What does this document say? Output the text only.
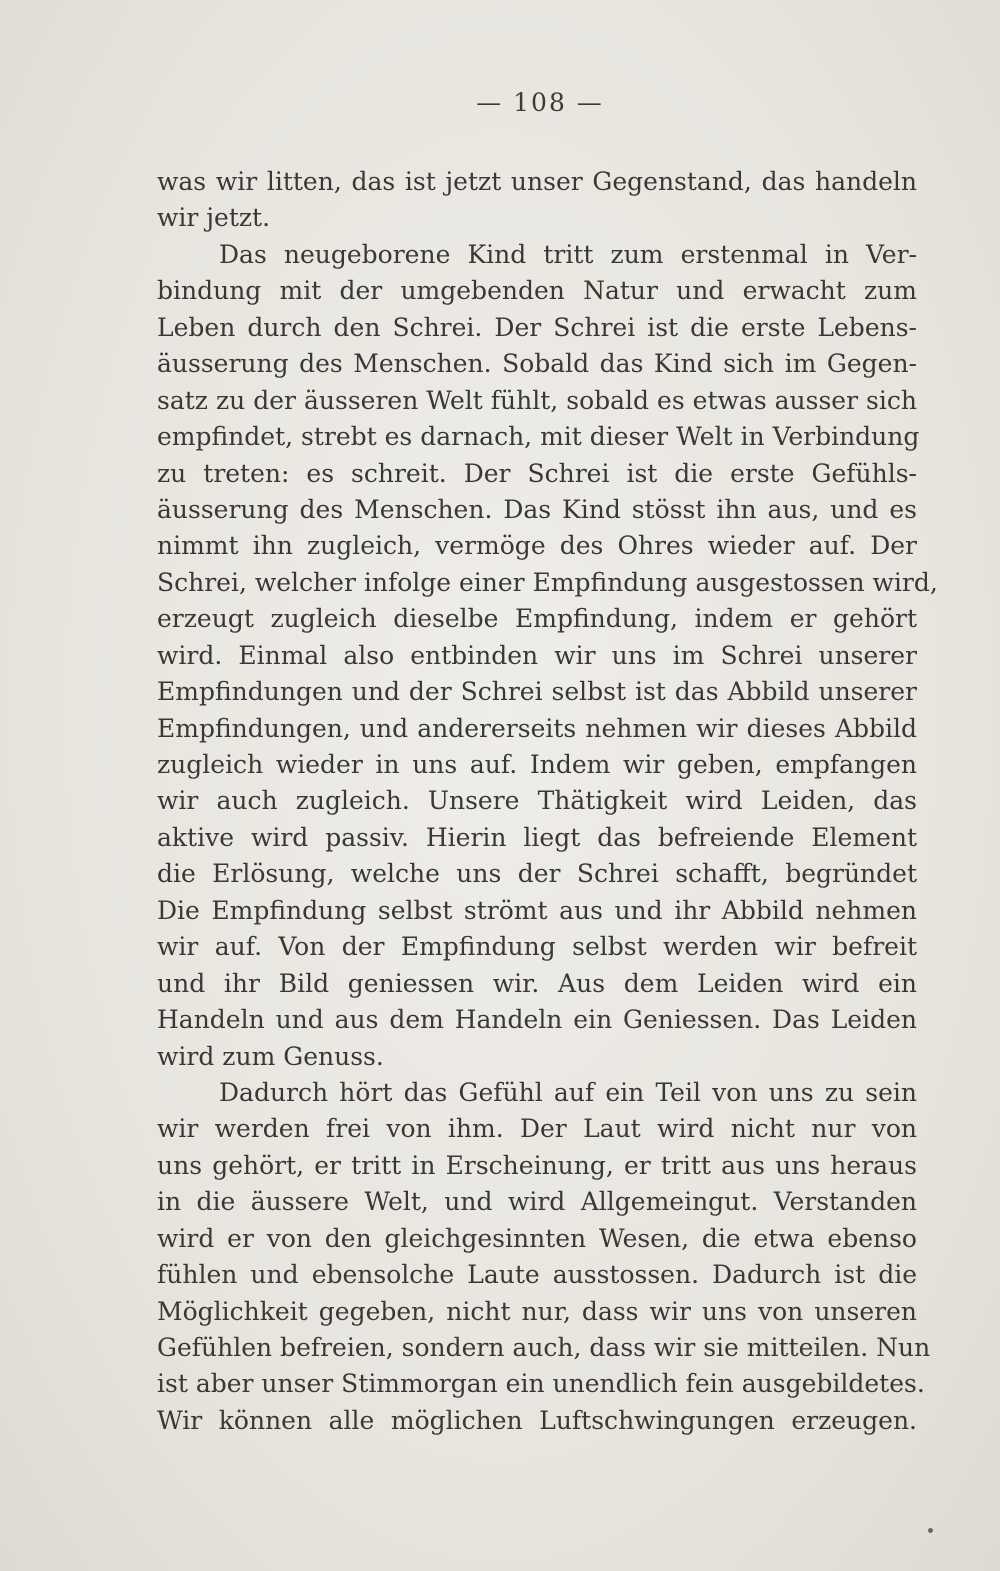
— 108 —
was wir litten, das ist jetzt unser Gegenstand, das handeln
wir jetzt.
Das neugeborene Kind tritt zum erstenmal in Ver-
bindung mit der umgebenden Natur und erwacht zum
Leben durch den Schrei. Der Schrei ist die erste Lebens-
äusserung des Menschen. Sobald das Kind sich im Gegen-
satz zu der äusseren Welt fühlt, sobald es etwas ausser sich
empfindet, strebt es darnach, mit dieser Welt in Verbindung
zu treten: es schreit. Der Schrei ist die erste Gefühls-
äusserung des Menschen. Das Kind stösst ihn aus, und es
nimmt ihn zugleich, vermöge des Ohres wieder auf. Der
Schrei, welcher infolge einer Empfindung ausgestossen wird,
erzeugt zugleich dieselbe Empfindung, indem er gehört
wird. Einmal also entbinden wir uns im Schrei unserer
Empfindungen und der Schrei selbst ist das Abbild unserer
Empfindungen, und andererseits nehmen wir dieses Abbild
zugleich wieder in uns auf. Indem wir geben, empfangen
wir auch zugleich. Unsere Thätigkeit wird Leiden, das
aktive wird passiv. Hierin liegt das befreiende Element
die Erlösung, welche uns der Schrei schafft, begründet
Die Empfindung selbst strömt aus und ihr Abbild nehmen
wir auf. Von der Empfindung selbst werden wir befreit
und ihr Bild geniessen wir. Aus dem Leiden wird ein
Handeln und aus dem Handeln ein Geniessen. Das Leiden
wird zum Genuss.
Dadurch hört das Gefühl auf ein Teil von uns zu sein
wir werden frei von ihm. Der Laut wird nicht nur von
uns gehört, er tritt in Erscheinung, er tritt aus uns heraus
in die äussere Welt, und wird Allgemeingut. Verstanden
wird er von den gleichgesinnten Wesen, die etwa ebenso
fühlen und ebensolche Laute ausstossen. Dadurch ist die
Möglichkeit gegeben, nicht nur, dass wir uns von unseren
Gefühlen befreien, sondern auch, dass wir sie mitteilen. Nun
ist aber unser Stimmorgan ein unendlich fein ausgebildetes.
Wir können alle möglichen Luftschwingungen erzeugen.
